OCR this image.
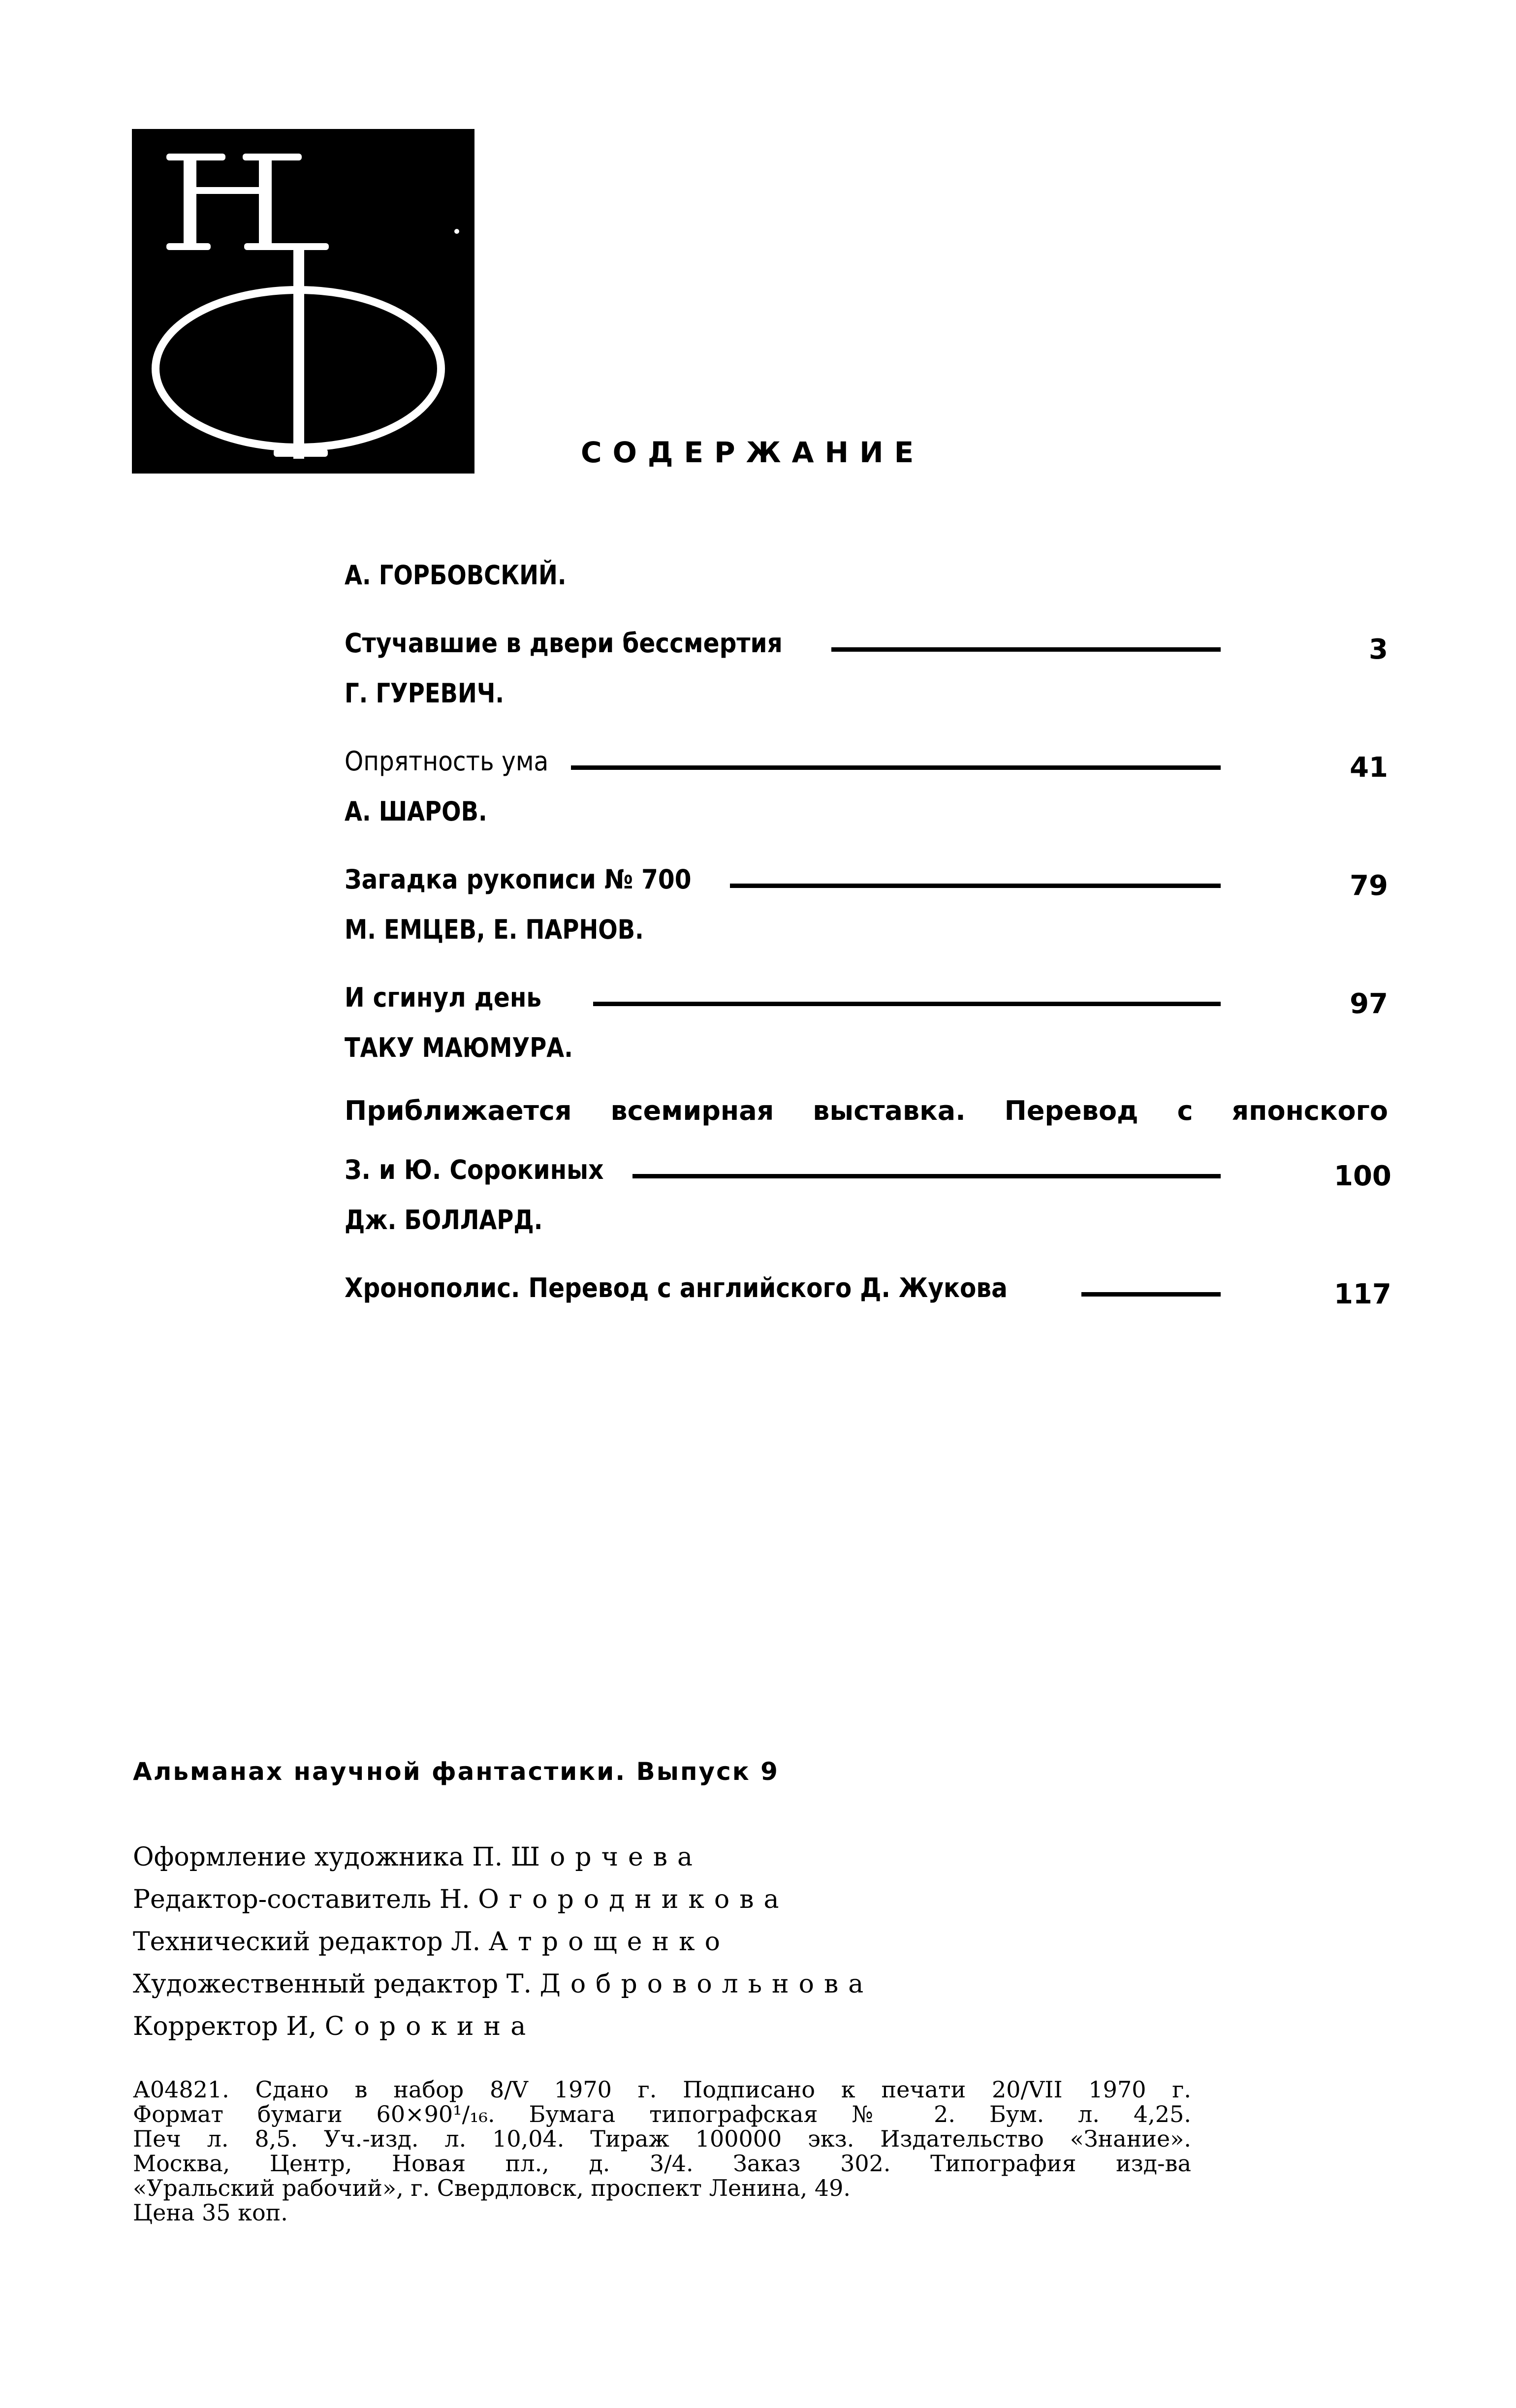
СОДЕРЖАНИЕ
А. ГОРБОВСКИЙ.
Стучавшие в двери бессмертия	3
Г. ГУРЕВИЧ.
Опрятность ума	41
А. ШАРОВ.
Загадка рукописи № 700	79
М. ЕМЦЕВ, Е. ПАРНОВ.
И сгинул день	97
ТАКУ МАЮМУРА.
Приближается всемирная выставка. Перевод с японского
З. и Ю. Сорокиных	100
Дж. БОЛЛАРД.
Хронополис. Перевод с английского Д. Жукова	117
Альманах научной фантастики. Выпуск 9
Оформление художника П. Шорчева
Редактор-составитель Н. Огородникова
Технический редактор Л. Атрощенко
Художественный редактор Т. Добровольнова
Корректор И, Сорокина
А04821. Сдано в набор 8/V 1970 г. Подписано к печати 20/VII 1970 г.
Формат бумаги 60×90¹/₁₆. Бумага типографская № 2. Бум. л. 4,25.
Печ л. 8,5. Уч.-изд. л. 10,04. Тираж 100000 экз. Издательство «Знание».
Москва, Центр, Новая пл., д. 3/4. Заказ 302. Типография изд-ва
«Уральский рабочий», г. Свердловск, проспект Ленина, 49.
Цена 35 коп.
